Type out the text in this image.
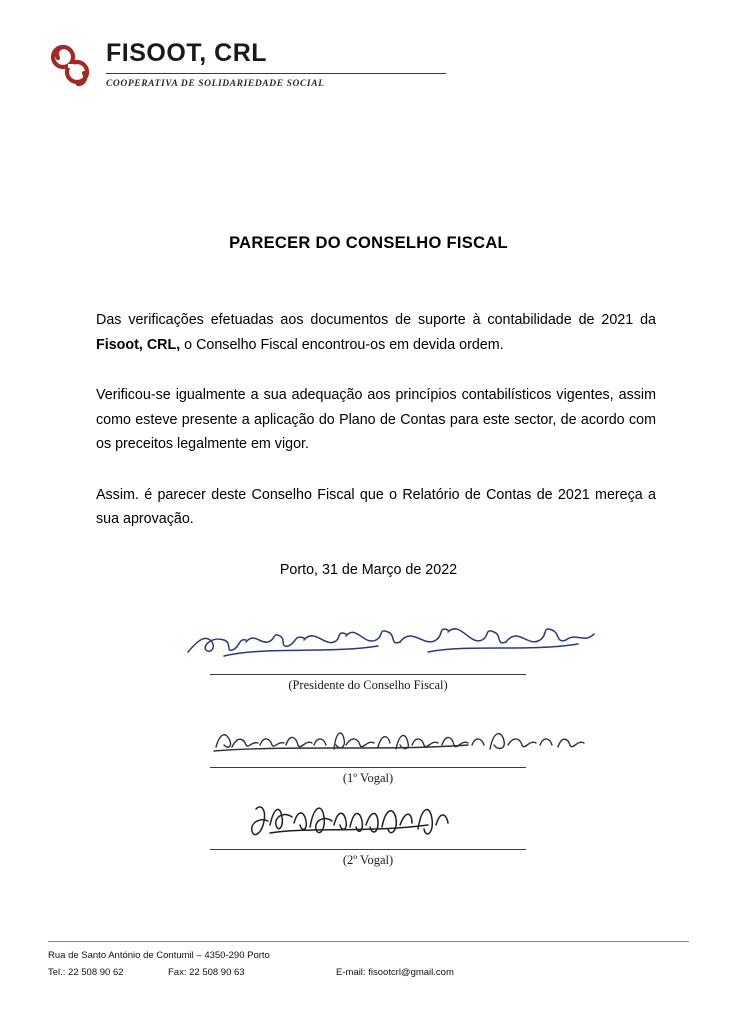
FISOOT, CRL
COOPERATIVA DE SOLIDARIEDADE SOCIAL
PARECER DO CONSELHO FISCAL

Das verificações efetuadas aos documentos de suporte à contabilidade de 2021 da Fisoot, CRL, o Conselho Fiscal encontrou-os em devida ordem.

Verificou-se igualmente a sua adequação aos princípios contabilísticos vigentes, assim como esteve presente a aplicação do Plano de Contas para este sector, de acordo com os preceitos legalmente em vigor.

Assim. é parecer deste Conselho Fiscal que o Relatório de Contas de 2021 mereça a sua aprovação.

Porto, 31 de Março de 2022
(Presidente do Conselho Fiscal)
(1º Vogal)
(2º Vogal)
Rua de Santo António de Contumil – 4350-290 Porto
Tel.: 22 508 90 62	Fax: 22 508 90 63	E-mail: fisootcrl@gmail.com
